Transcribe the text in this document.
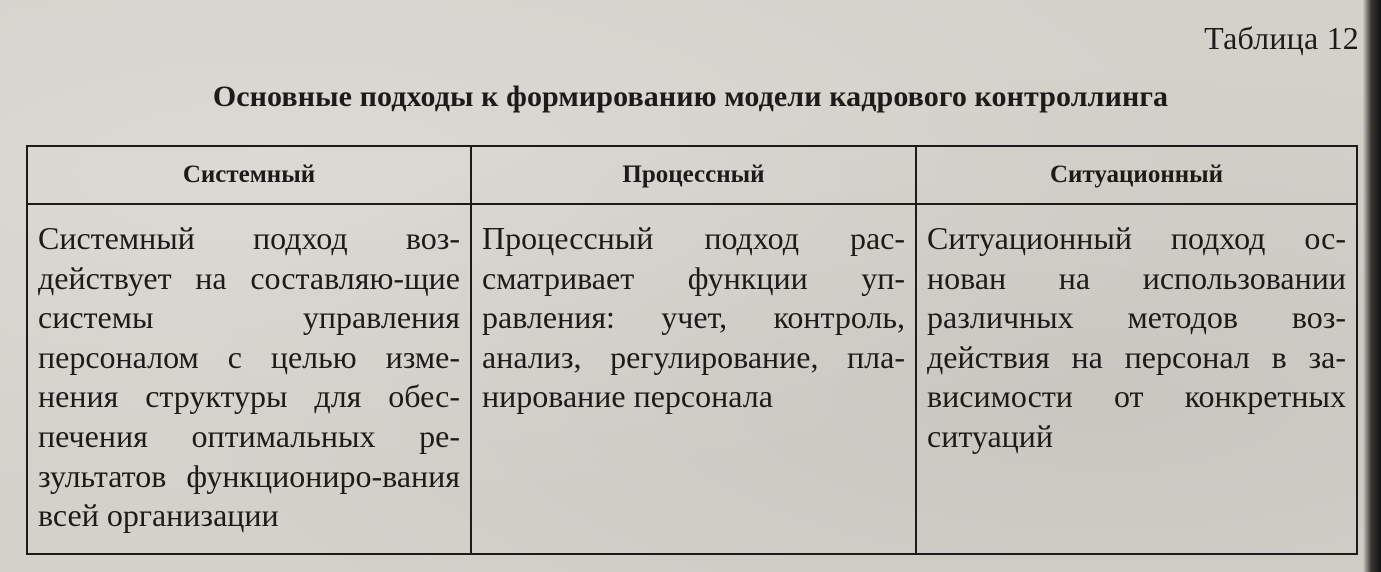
Таблица 12
Основные подходы к формированию модели кадрового контроллинга
Системный	Процессный	Ситуационный

Системный подход воз-действует на составляю-щие системы управления персоналом с целью изме-нения структуры для обес-печения оптимальных ре-зультатов функциониро-вания всей организации	Процессный подход рас-сматривает функции уп-равления: учет, контроль, анализ, регулирование, пла-нирование персонала	Ситуационный подход ос-нован на использовании различных методов воз-действия на персонал в за-висимости от конкретных ситуаций
